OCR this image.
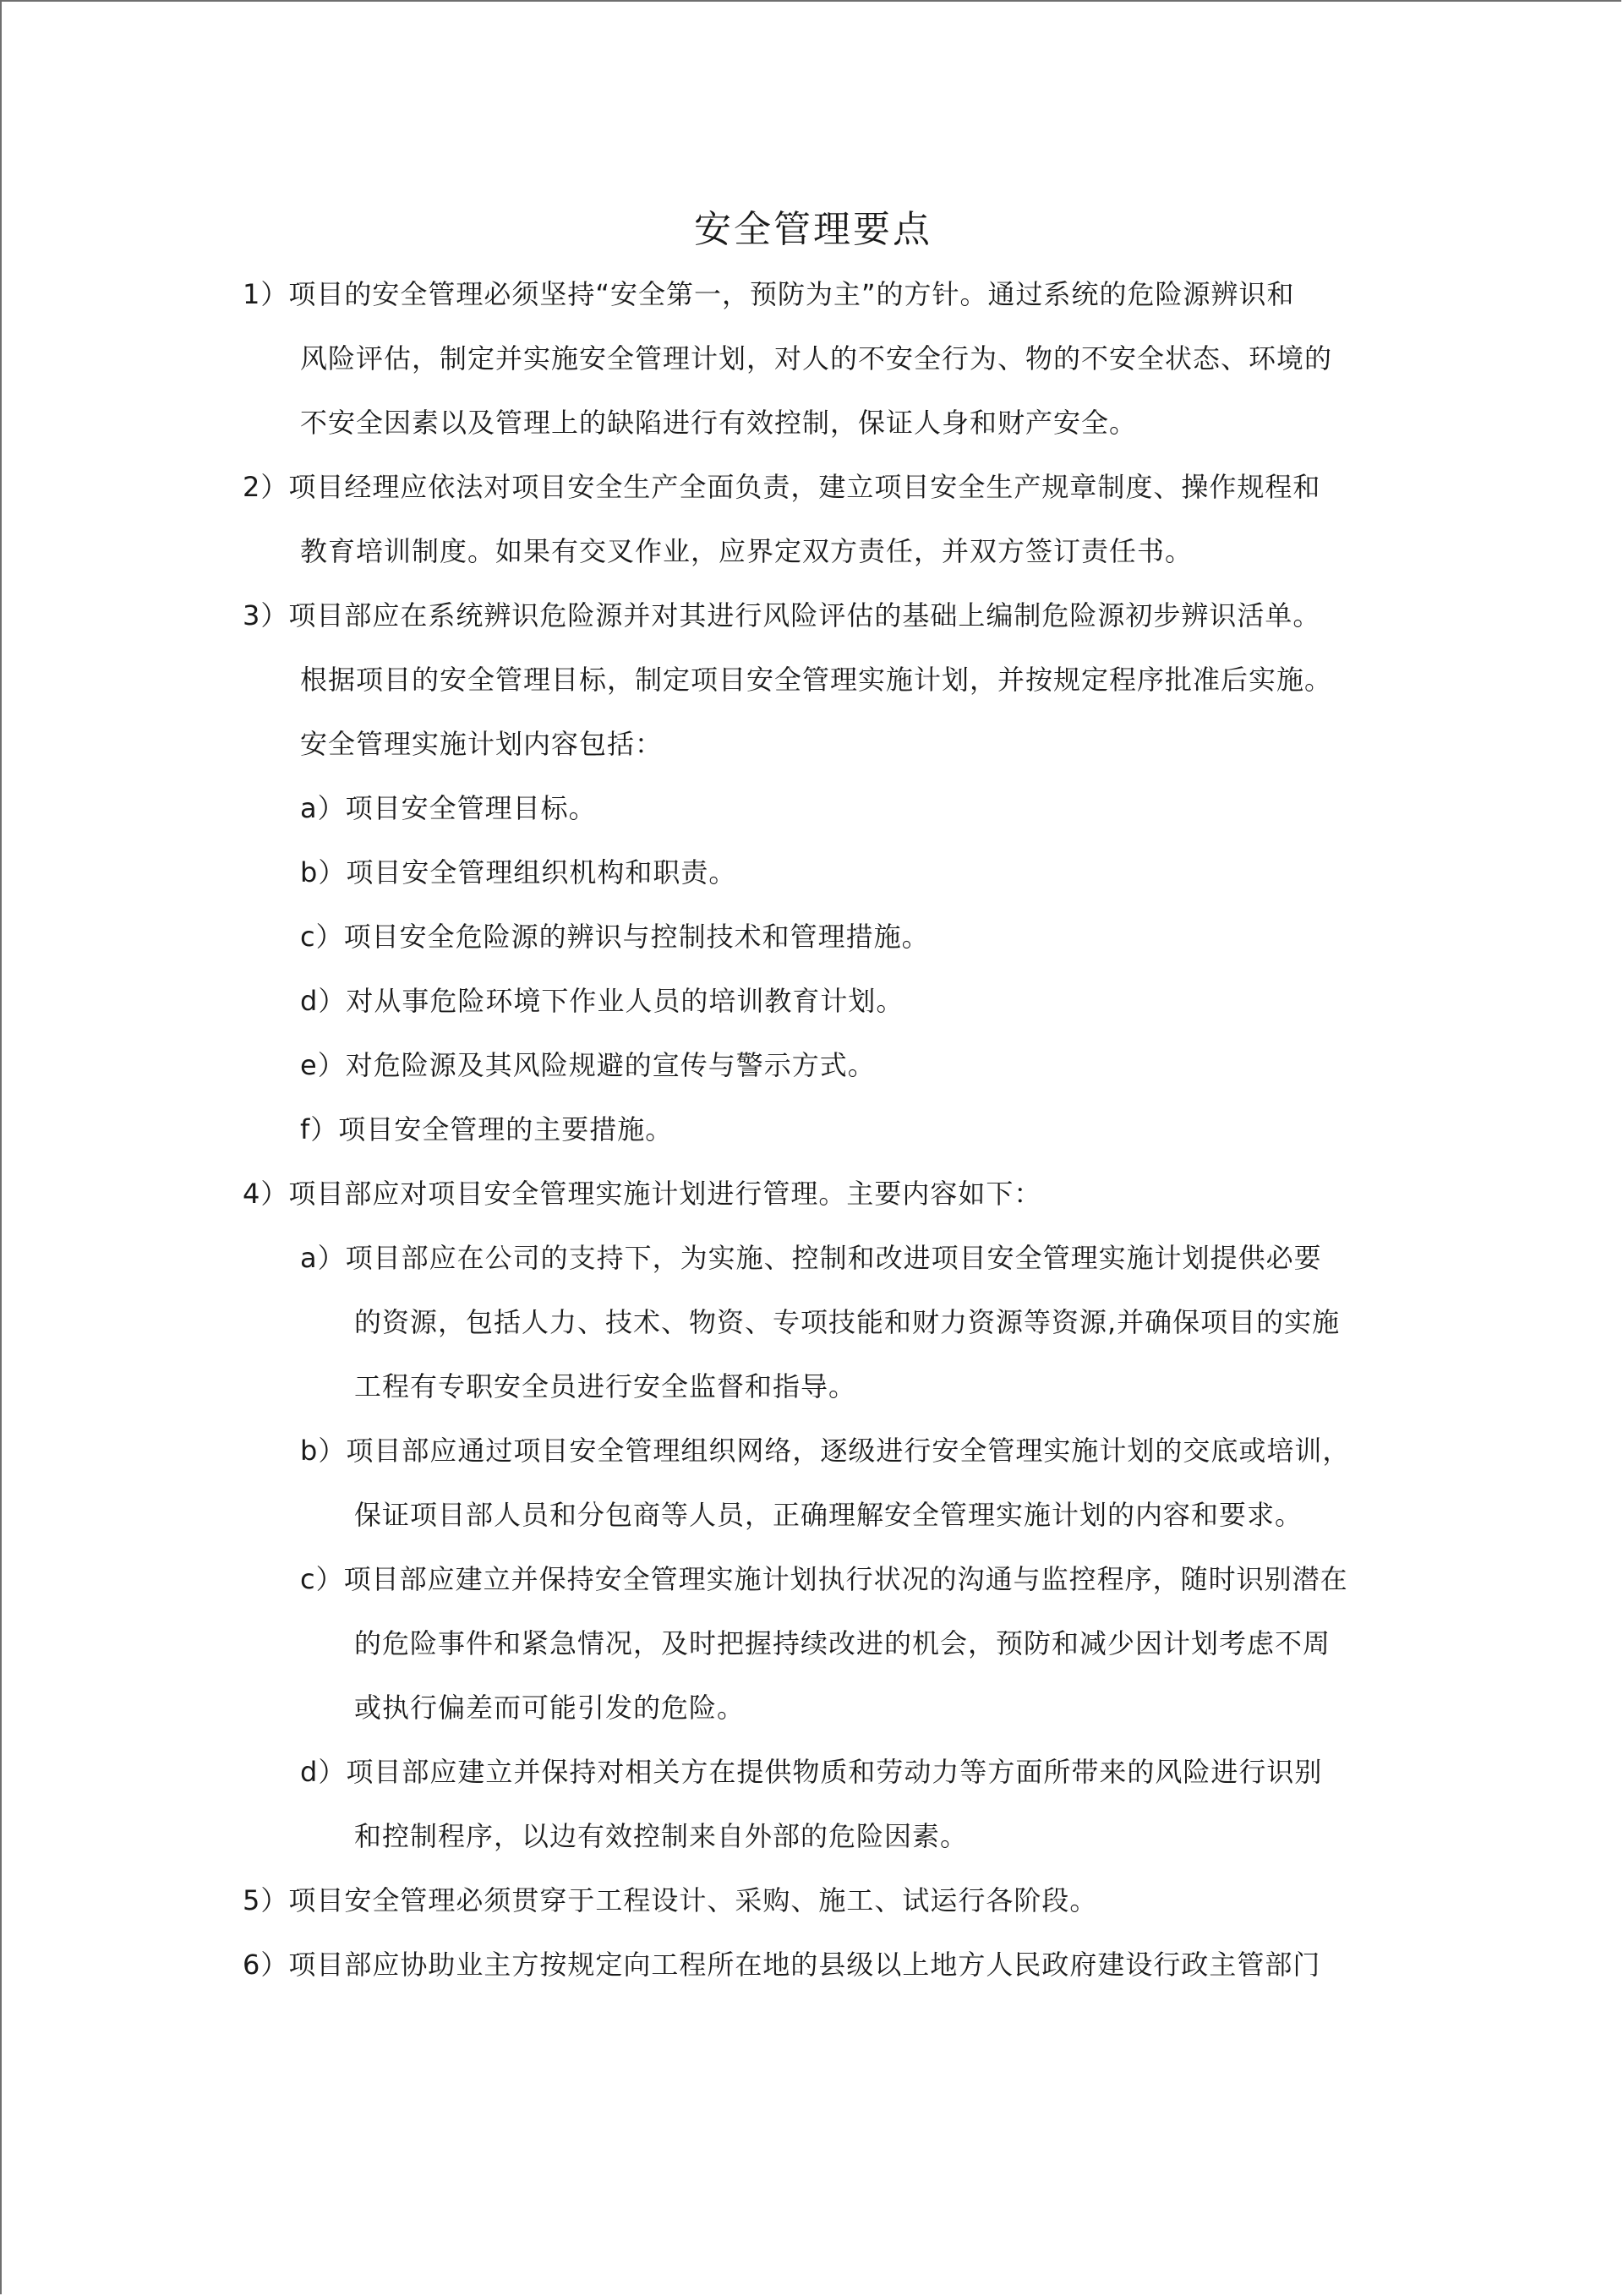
安全管理要点
1）项目的安全管理必须坚持“安全第一，预防为主”的方针。通过系统的危险源辨识和
风险评估，制定并实施安全管理计划，对人的不安全行为、物的不安全状态、环境的
不安全因素以及管理上的缺陷进行有效控制，保证人身和财产安全。
2）项目经理应依法对项目安全生产全面负责，建立项目安全生产规章制度、操作规程和
教育培训制度。如果有交叉作业，应界定双方责任，并双方签订责任书。
3）项目部应在系统辨识危险源并对其进行风险评估的基础上编制危险源初步辨识活单。
根据项目的安全管理目标，制定项目安全管理实施计划，并按规定程序批准后实施。
安全管理实施计划内容包括：
a）项目安全管理目标。
b）项目安全管理组织机构和职责。
c）项目安全危险源的辨识与控制技术和管理措施。
d）对从事危险环境下作业人员的培训教育计划。
e）对危险源及其风险规避的宣传与警示方式。
f）项目安全管理的主要措施。
4）项目部应对项目安全管理实施计划进行管理。主要内容如下：
a）项目部应在公司的支持下，为实施、控制和改进项目安全管理实施计划提供必要
的资源，包括人力、技术、物资、专项技能和财力资源等资源,并确保项目的实施
工程有专职安全员进行安全监督和指导。
b）项目部应通过项目安全管理组织网络，逐级进行安全管理实施计划的交底或培训，
保证项目部人员和分包商等人员，正确理解安全管理实施计划的内容和要求。
c）项目部应建立并保持安全管理实施计划执行状况的沟通与监控程序，随时识别潜在
的危险事件和紧急情况，及时把握持续改进的机会，预防和减少因计划考虑不周
或执行偏差而可能引发的危险。
d）项目部应建立并保持对相关方在提供物质和劳动力等方面所带来的风险进行识别
和控制程序，以边有效控制来自外部的危险因素。
5）项目安全管理必须贯穿于工程设计、采购、施工、试运行各阶段。
6）项目部应协助业主方按规定向工程所在地的县级以上地方人民政府建设行政主管部门
